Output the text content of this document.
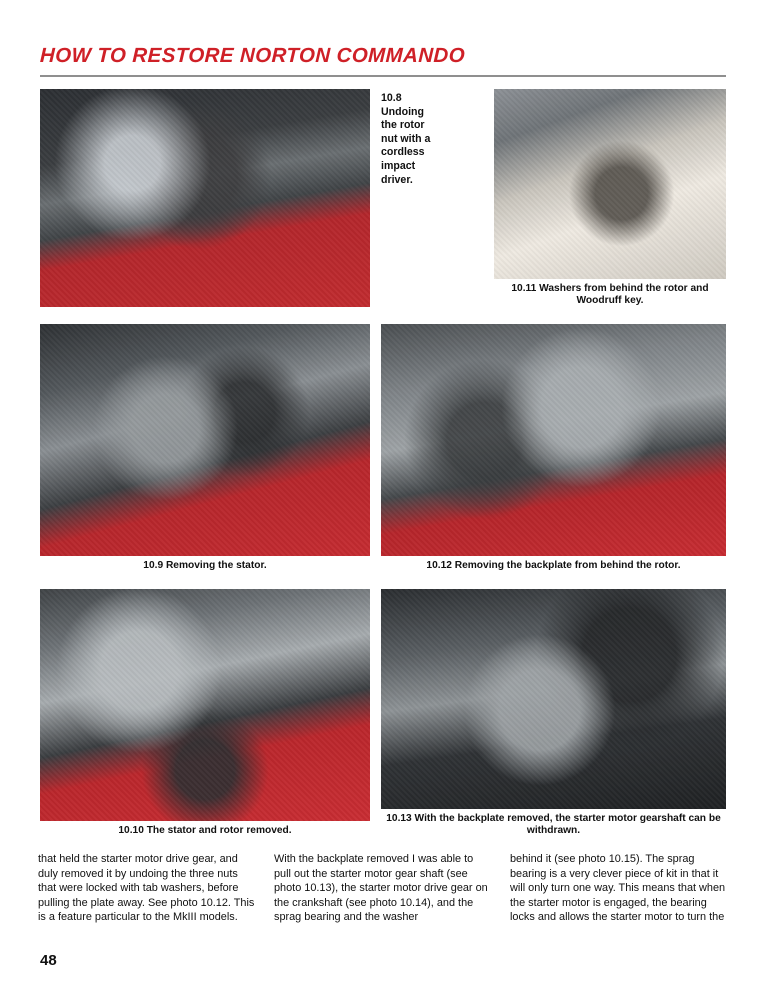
HOW TO RESTORE NORTON COMMANDO
10.8 Undoing the rotor nut with a cordless impact driver.
10.11 Washers from behind the rotor and Woodruff key.
10.9 Removing the stator.	10.12 Removing the backplate from behind the rotor.
10.10 The stator and rotor removed.
10.13 With the backplate removed, the starter motor gearshaft can be withdrawn.

that held the starter motor drive gear, and duly removed it by undoing the three nuts that were locked with tab washers, before pulling the plate away. See photo 10.12. This is a feature particular to the MkIII models.

With the backplate removed I was able to pull out the starter motor gear shaft (see photo 10.13), the starter motor drive gear on the crankshaft (see photo 10.14), and the sprag bearing and the washer

behind it (see photo 10.15). The sprag bearing is a very clever piece of kit in that it will only turn one way. This means that when the starter motor is engaged, the bearing locks and allows the starter motor to turn the

48
